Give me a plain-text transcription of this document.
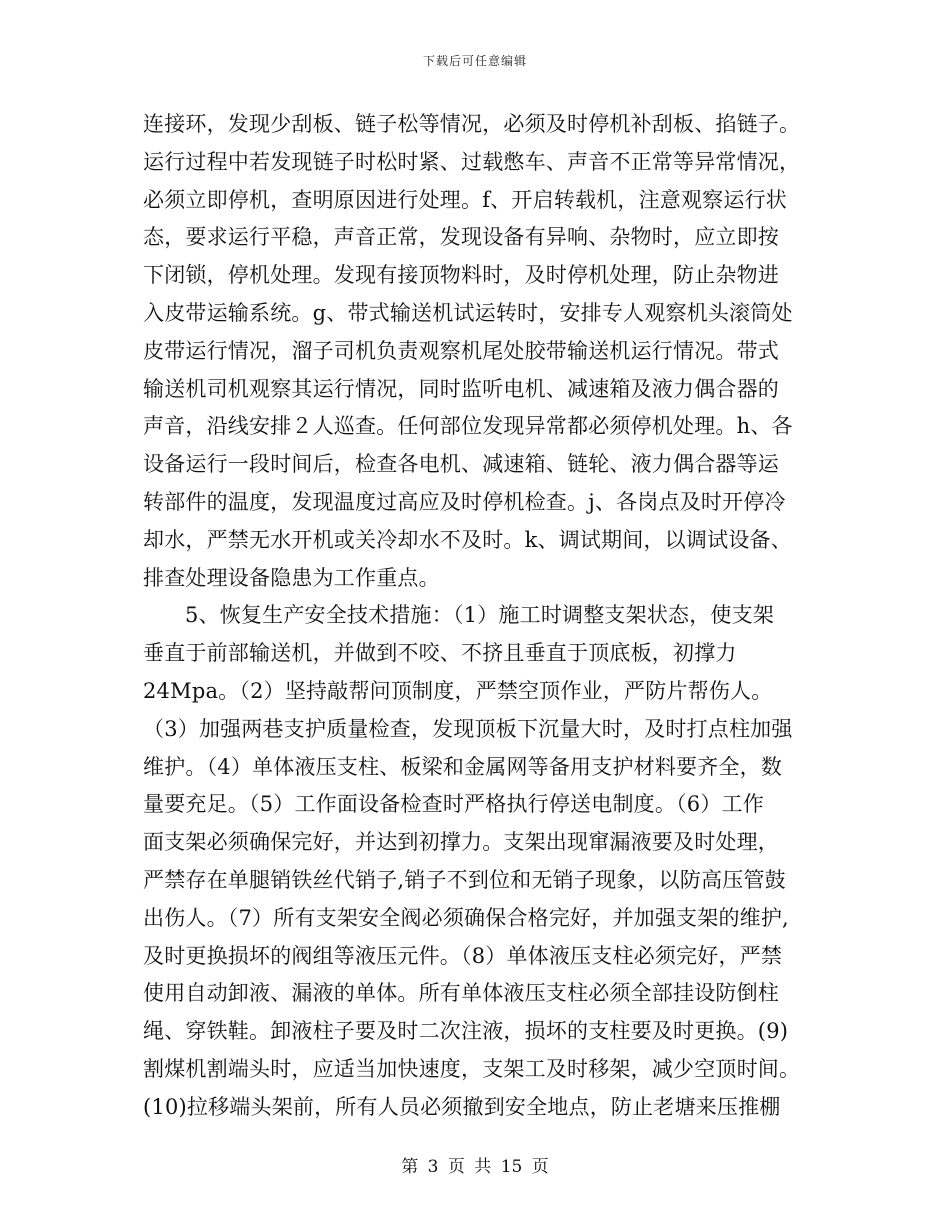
下载后可任意编辑
连接环，发现少刮板、链子松等情况，必须及时停机补刮板、掐链子。
运行过程中若发现链子时松时紧、过载憋车、声音不正常等异常情况，
必须立即停机，查明原因进行处理。f、开启转载机，注意观察运行状
态，要求运行平稳，声音正常，发现设备有异响、杂物时，应立即按
下闭锁，停机处理。发现有接顶物料时，及时停机处理，防止杂物进
入皮带运输系统。g、带式输送机试运转时，安排专人观察机头滚筒处
皮带运行情况，溜子司机负责观察机尾处胶带输送机运行情况。带式
输送机司机观察其运行情况，同时监听电机、减速箱及液力偶合器的
声音，沿线安排２人巡查。任何部位发现异常都必须停机处理。h、各
设备运行一段时间后，检查各电机、减速箱、链轮、液力偶合器等运
转部件的温度，发现温度过高应及时停机检查。j、各岗点及时开停冷
却水，严禁无水开机或关冷却水不及时。k、调试期间，以调试设备、
排查处理设备隐患为工作重点。
5、恢复生产安全技术措施：（1）施工时调整支架状态，使支架
垂直于前部输送机，并做到不咬、不挤且垂直于顶底板，初撑力
24Mpa。（2）坚持敲帮问顶制度，严禁空顶作业，严防片帮伤人。
（3）加强两巷支护质量检查，发现顶板下沉量大时，及时打点柱加强
维护。（4）单体液压支柱、板梁和金属网等备用支护材料要齐全，数
量要充足。（5）工作面设备检查时严格执行停送电制度。（6）工作
面支架必须确保完好，并达到初撑力。支架出现窜漏液要及时处理，
严禁存在单腿销铁丝代销子,销子不到位和无销子现象，以防高压管鼓
出伤人。（7）所有支架安全阀必须确保合格完好，并加强支架的维护,
及时更换损坏的阀组等液压元件。（8）单体液压支柱必须完好，严禁
使用自动卸液、漏液的单体。所有单体液压支柱必须全部挂设防倒柱
绳、穿铁鞋。卸液柱子要及时二次注液，损坏的支柱要及时更换。(9)
割煤机割端头时，应适当加快速度，支架工及时移架，减少空顶时间。
(10)拉移端头架前，所有人员必须撤到安全地点，防止老塘来压推棚
第 3 页 共 15 页
